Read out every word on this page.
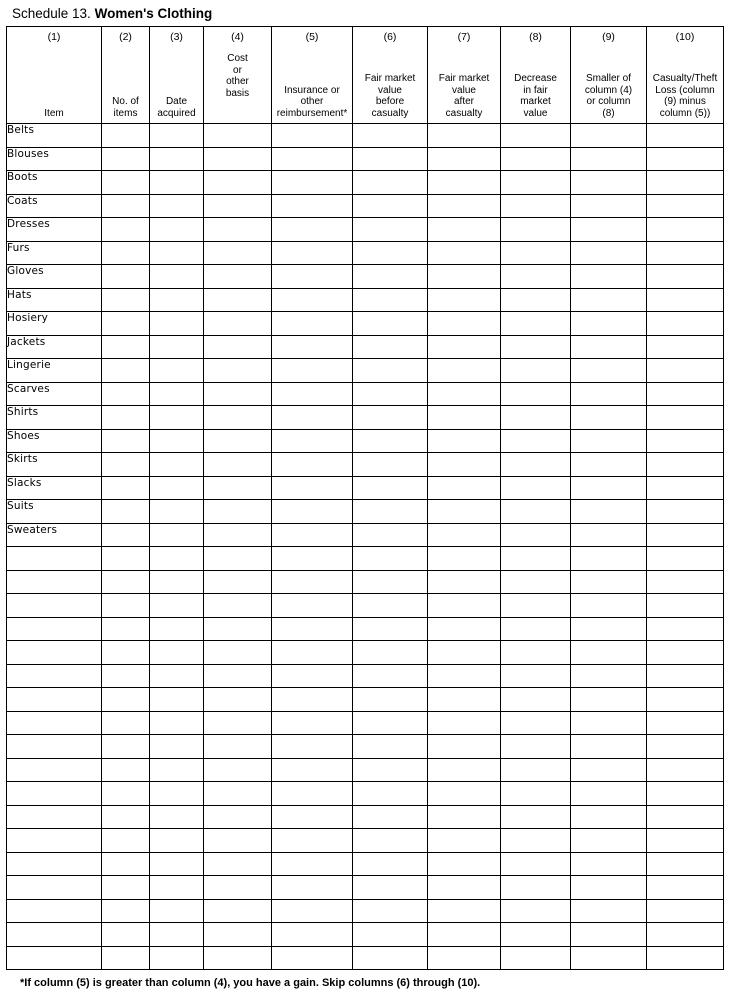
Schedule 13. Women's Clothing
(1)
Item	(2)
No. of
items	(3)
Date
acquired	(4)
Cost
or
other
basis	(5)
Insurance or
other
reimbursement*	(6)
Fair market
value
before
casualty	(7)
Fair market
value
after
casualty	(8)
Decrease
in fair
market
value	(9)
Smaller of
column (4)
or column
(8)	(10)
Casualty/Theft
Loss (column
(9) minus
column (5))

Belts									
Blouses									
Boots									
Coats									
Dresses									
Furs									
Gloves									
Hats									
Hosiery									
Jackets									
Lingerie									
Scarves									
Shirts									
Shoes									
Skirts									
Slacks									
Suits									
Sweaters									

*If column (5) is greater than column (4), you have a gain. Skip columns (6) through (10).
